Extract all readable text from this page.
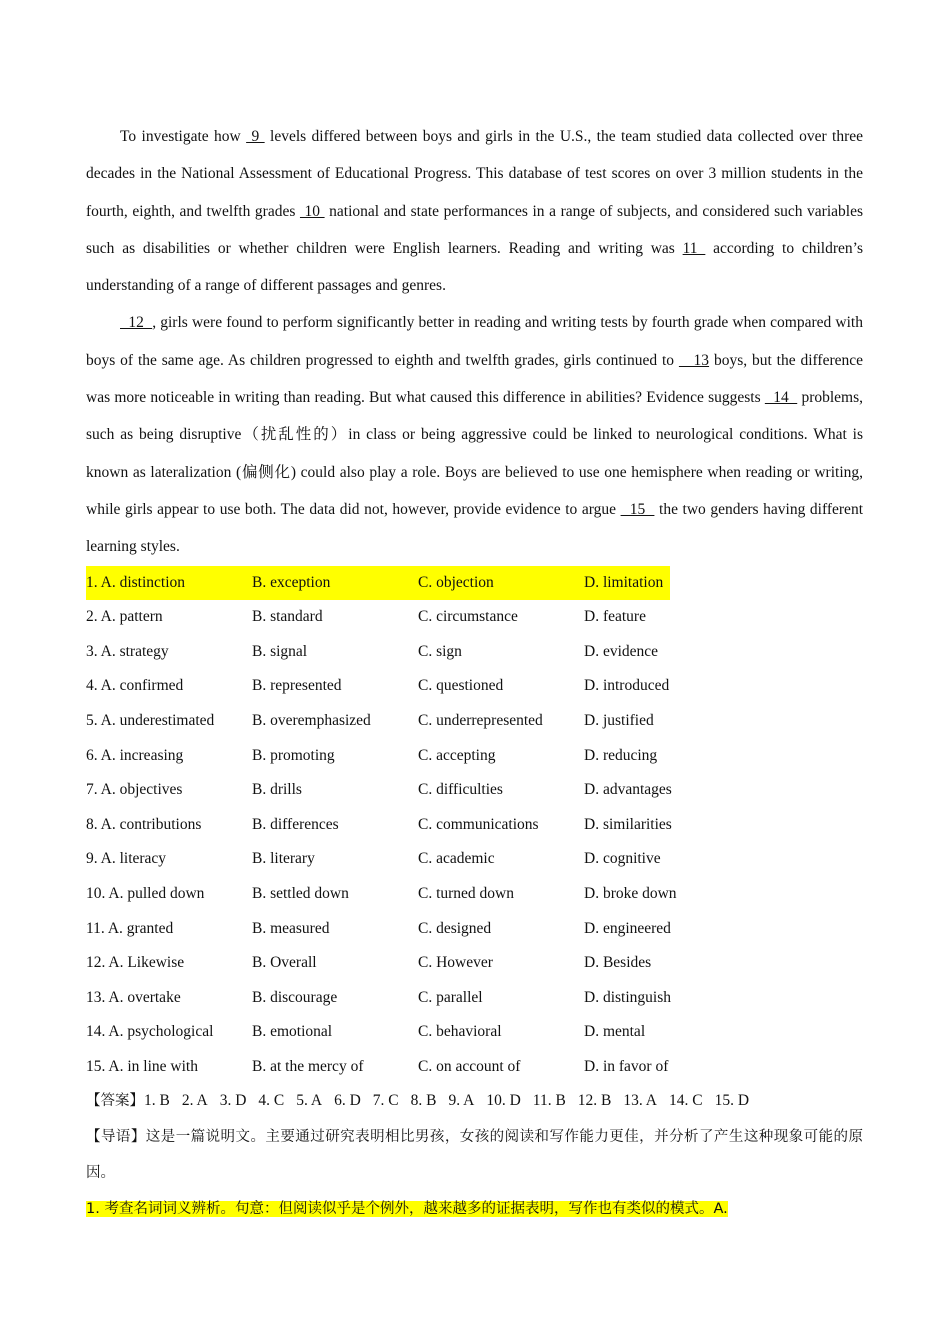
To investigate how  9  levels differed between boys and girls in the U.S., the team studied data collected over three decades in the National Assessment of Educational Progress. This database of test scores on over 3 million students in the fourth, eighth, and twelfth grades  10  national and state performances in a range of subjects, and considered such variables such as disabilities or whether children were English learners. Reading and writing was 11  according to children’s understanding of a range of different passages and genres.

12  , girls were found to perform significantly better in reading and writing tests by fourth grade when compared with boys of the same age. As children progressed to eighth and twelfth grades, girls continued to    13 boys, but the difference was more noticeable in writing than reading. But what caused this difference in abilities? Evidence suggests   14   problems, such as being disruptive（扰乱性的）in class or being aggressive could be linked to neurological conditions. What is known as lateralization (偏侧化) could also play a role. Boys are believed to use one hemisphere when reading or writing, while girls appear to use both. The data did not, however, provide evidence to argue   15   the two genders having different learning styles.

1. A. distinction	B. exception	C. objection	D. limitation
2. A. pattern	B. standard	C. circumstance	D. feature
3. A. strategy	B. signal	C. sign	D. evidence
4. A. confirmed	B. represented	C. questioned	D. introduced
5. A. underestimated	B. overemphasized	C. underrepresented	D. justified
6. A. increasing	B. promoting	C. accepting	D. reducing
7. A. objectives	B. drills	C. difficulties	D. advantages
8. A. contributions	B. differences	C. communications	D. similarities
9. A. literacy	B. literary	C. academic	D. cognitive
10. A. pulled down	B. settled down	C. turned down	D. broke down
11. A. granted	B. measured	C. designed	D. engineered
12. A. Likewise	B. Overall	C. However	D. Besides
13. A. overtake	B. discourage	C. parallel	D. distinguish
14. A. psychological	B. emotional	C. behavioral	D. mental
15. A. in line with	B. at the mercy of	C. on account of	D. in favor of
【答案】1. B 2. A 3. D 4. C 5. A 6. D 7. C 8. B 9. A 10. D 11. B 12. B 13. A 14. C 15. D

【导语】这是一篇说明文。主要通过研究表明相比男孩，女孩的阅读和写作能力更佳，并分析了产生这种现象可能的原因。

1. 考查名词词义辨析。句意：但阅读似乎是个例外，越来越多的证据表明，写作也有类似的模式。A.
